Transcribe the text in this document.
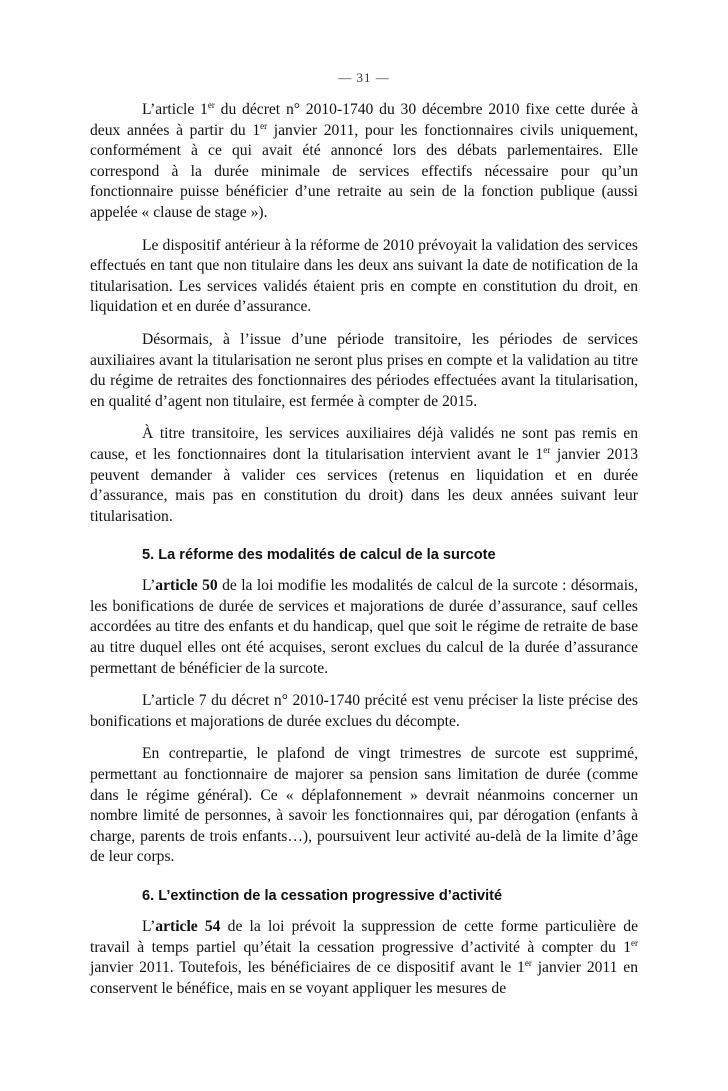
— 31 —

L’article 1er du décret n° 2010-1740 du 30 décembre 2010 fixe cette durée à deux années à partir du 1er janvier 2011, pour les fonctionnaires civils uniquement, conformément à ce qui avait été annoncé lors des débats parlementaires. Elle correspond à la durée minimale de services effectifs nécessaire pour qu’un fonctionnaire puisse bénéficier d’une retraite au sein de la fonction publique (aussi appelée « clause de stage »).

Le dispositif antérieur à la réforme de 2010 prévoyait la validation des services effectués en tant que non titulaire dans les deux ans suivant la date de notification de la titularisation. Les services validés étaient pris en compte en constitution du droit, en liquidation et en durée d’assurance.

Désormais, à l’issue d’une période transitoire, les périodes de services auxiliaires avant la titularisation ne seront plus prises en compte et la validation au titre du régime de retraites des fonctionnaires des périodes effectuées avant la titularisation, en qualité d’agent non titulaire, est fermée à compter de 2015.

À titre transitoire, les services auxiliaires déjà validés ne sont pas remis en cause, et les fonctionnaires dont la titularisation intervient avant le 1er janvier 2013 peuvent demander à valider ces services (retenus en liquidation et en durée d’assurance, mais pas en constitution du droit) dans les deux années suivant leur titularisation.

5. La réforme des modalités de calcul de la surcote

L’article 50 de la loi modifie les modalités de calcul de la surcote : désormais, les bonifications de durée de services et majorations de durée d’assurance, sauf celles accordées au titre des enfants et du handicap, quel que soit le régime de retraite de base au titre duquel elles ont été acquises, seront exclues du calcul de la durée d’assurance permettant de bénéficier de la surcote.

L’article 7 du décret n° 2010-1740 précité est venu préciser la liste précise des bonifications et majorations de durée exclues du décompte.

En contrepartie, le plafond de vingt trimestres de surcote est supprimé, permettant au fonctionnaire de majorer sa pension sans limitation de durée (comme dans le régime général). Ce « déplafonnement » devrait néanmoins concerner un nombre limité de personnes, à savoir les fonctionnaires qui, par dérogation (enfants à charge, parents de trois enfants…), poursuivent leur activité au-delà de la limite d’âge de leur corps.

6. L’extinction de la cessation progressive d’activité

L’article 54 de la loi prévoit la suppression de cette forme particulière de travail à temps partiel qu’était la cessation progressive d’activité à compter du 1er janvier 2011. Toutefois, les bénéficiaires de ce dispositif avant le 1er janvier 2011 en conservent le bénéfice, mais en se voyant appliquer les mesures de
